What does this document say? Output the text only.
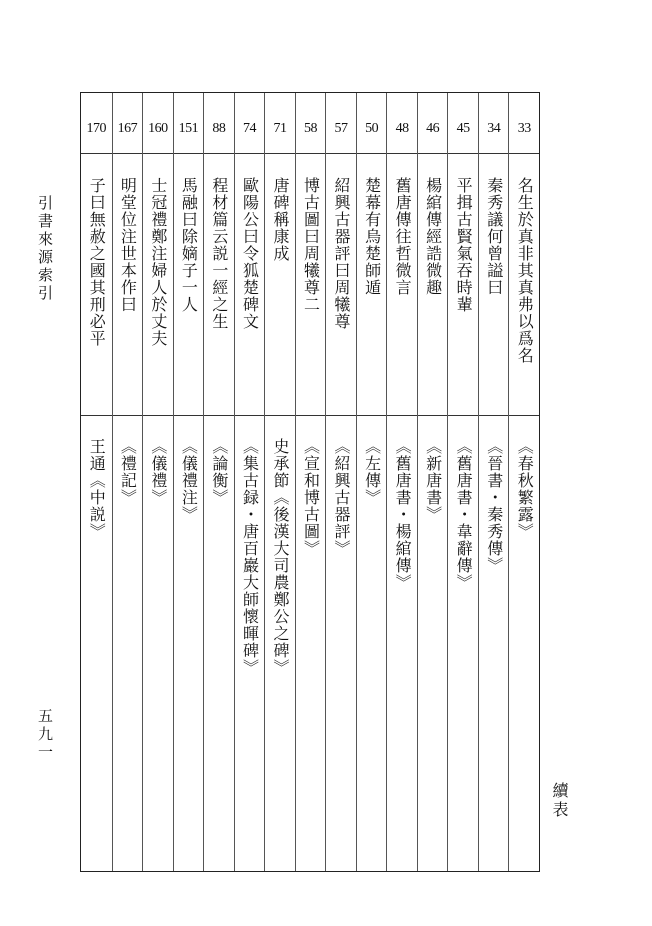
引書來源索引
五九一
續表
33
名生於真非其真弗以爲名
《春秋繁露》
34
秦秀議何曾謚曰
《晉書・秦秀傳》
45
平揖古賢氣吞時輩
《舊唐書・韋辭傳》
46
楊綰傳經誥微趣
《新唐書》
48
舊唐傳往哲微言
《舊唐書・楊綰傳》
50
楚幕有烏楚師遁
《左傳》
57
紹興古器評曰周犧尊
《紹興古器評》
58
博古圖曰周犧尊二
《宣和博古圖》
71
唐碑稱康成
史承節《後漢大司農鄭公之碑》
74
歐陽公曰令狐楚碑文
《集古録・唐百巖大師懷暉碑》
88
程材篇云説一經之生
《論衡》
151
馬融曰除嫡子一人
《儀禮注》
160
士冠禮鄭注婦人於丈夫
《儀禮》
167
明堂位注世本作曰
《禮記》
170
子曰無赦之國其刑必平
王通《中説》
